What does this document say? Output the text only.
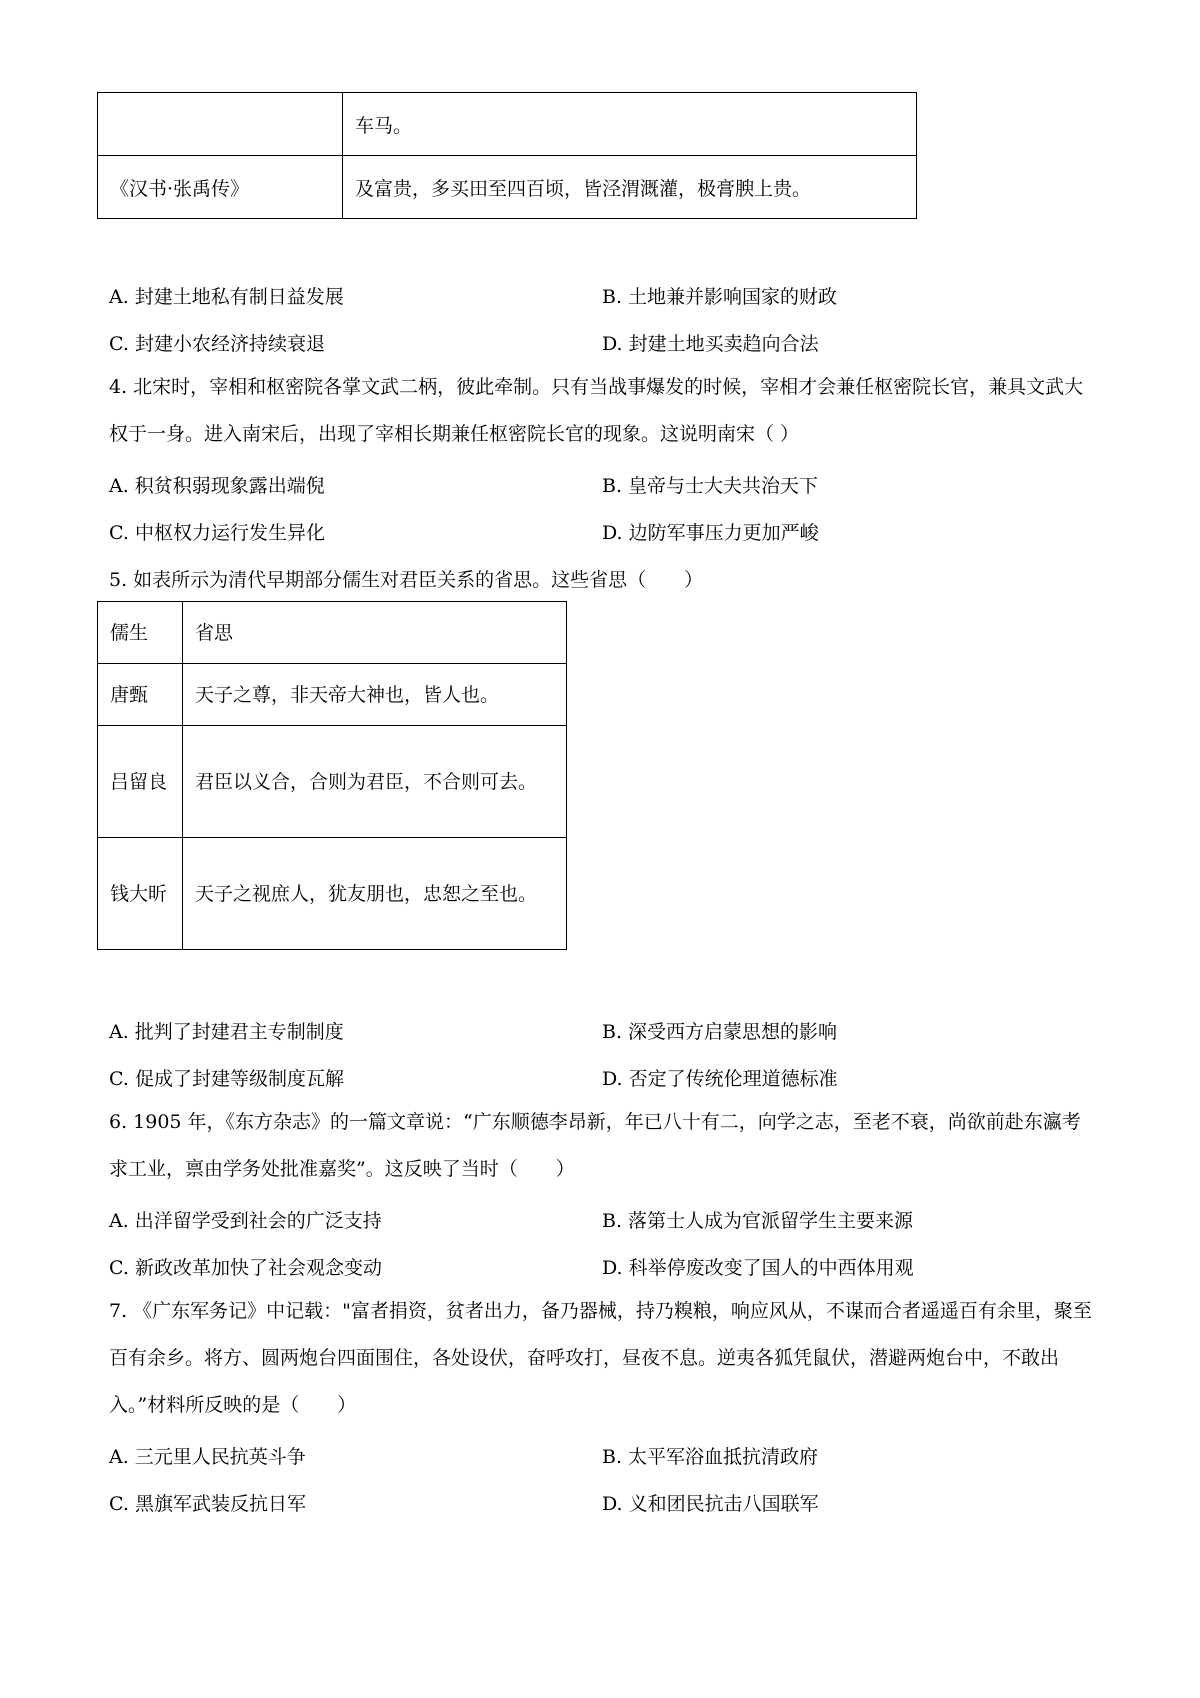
	车马。
《汉书·张禹传》	及富贵，多买田至四百顷，皆泾渭溉灌，极膏腴上贵。
A. 封建土地私有制日益发展	B. 土地兼并影响国家的财政
C. 封建小农经济持续衰退	D. 封建土地买卖趋向合法
4. 北宋时，宰相和枢密院各掌文武二柄，彼此牵制。只有当战事爆发的时候，宰相才会兼任枢密院长官，兼具文武大权于一身。进入南宋后，出现了宰相长期兼任枢密院长官的现象。这说明南宋（ ）
A. 积贫积弱现象露出端倪	B. 皇帝与士大夫共治天下
C. 中枢权力运行发生异化	D. 边防军事压力更加严峻
5. 如表所示为清代早期部分儒生对君臣关系的省思。这些省思（　　）
儒生	省思
唐甄	天子之尊，非天帝大神也，皆人也。
吕留良	君臣以义合，合则为君臣，不合则可去。
钱大昕	天子之视庶人，犹友朋也，忠恕之至也。
A. 批判了封建君主专制制度	B. 深受西方启蒙思想的影响
C. 促成了封建等级制度瓦解	D. 否定了传统伦理道德标准
6. 1905 年，《东方杂志》的一篇文章说：“广东顺德李昂新，年已八十有二，向学之志，至老不衰，尚欲前赴东瀛考求工业，禀由学务处批准嘉奖”。这反映了当时（　　）
A. 出洋留学受到社会的广泛支持	B. 落第士人成为官派留学生主要来源
C. 新政改革加快了社会观念变动	D. 科举停废改变了国人的中西体用观
7. 《广东军务记》中记载："富者捐资，贫者出力，备乃器械，持乃糗粮，响应风从，不谋而合者遥遥百有余里，聚至百有余乡。将方、圆两炮台四面围住，各处设伏，奋呼攻打，昼夜不息。逆夷各狐凭鼠伏，潜避两炮台中，不敢出入。”材料所反映的是（　　）
A. 三元里人民抗英斗争	B. 太平军浴血抵抗清政府
C. 黑旗军武装反抗日军	D. 义和团民抗击八国联军
